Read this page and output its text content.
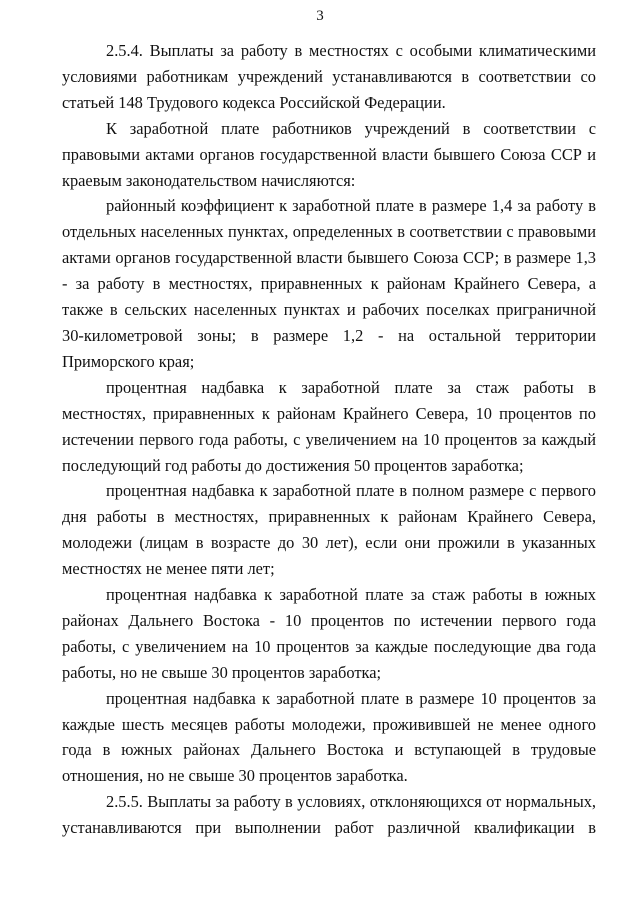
3

2.5.4. Выплаты за работу в местностях с особыми климатическими условиями работникам учреждений устанавливаются в соответствии со статьей 148 Трудового кодекса Российской Федерации.

К заработной плате работников учреждений в соответствии с правовыми актами органов государственной власти бывшего Союза ССР и краевым законодательством начисляются:

районный коэффициент к заработной плате в размере 1,4 за работу в отдельных населенных пунктах, определенных в соответствии с правовыми актами органов государственной власти бывшего Союза ССР; в размере 1,3 - за работу в местностях, приравненных к районам Крайнего Севера, а также в сельских населенных пунктах и рабочих поселках приграничной 30-километровой зоны; в размере 1,2 - на остальной территории Приморского края;

процентная надбавка к заработной плате за стаж работы в местностях, приравненных к районам Крайнего Севера, 10 процентов по истечении первого года работы, с увеличением на 10 процентов за каждый последующий год работы до достижения 50 процентов заработка;

процентная надбавка к заработной плате в полном размере с первого дня работы в местностях, приравненных к районам Крайнего Севера, молодежи (лицам в возрасте до 30 лет), если они прожили в указанных местностях не менее пяти лет;

процентная надбавка к заработной плате за стаж работы в южных районах Дальнего Востока - 10 процентов по истечении первого года работы, с увеличением на 10 процентов за каждые последующие два года работы, но не свыше 30 процентов заработка;

процентная надбавка к заработной плате в размере 10 процентов за каждые шесть месяцев работы молодежи, проживившей не менее одного года в южных районах Дальнего Востока и вступающей в трудовые отношения, но не свыше 30 процентов заработка.

2.5.5. Выплаты за работу в условиях, отклоняющихся от нормальных, устанавливаются при выполнении работ различной квалификации в
